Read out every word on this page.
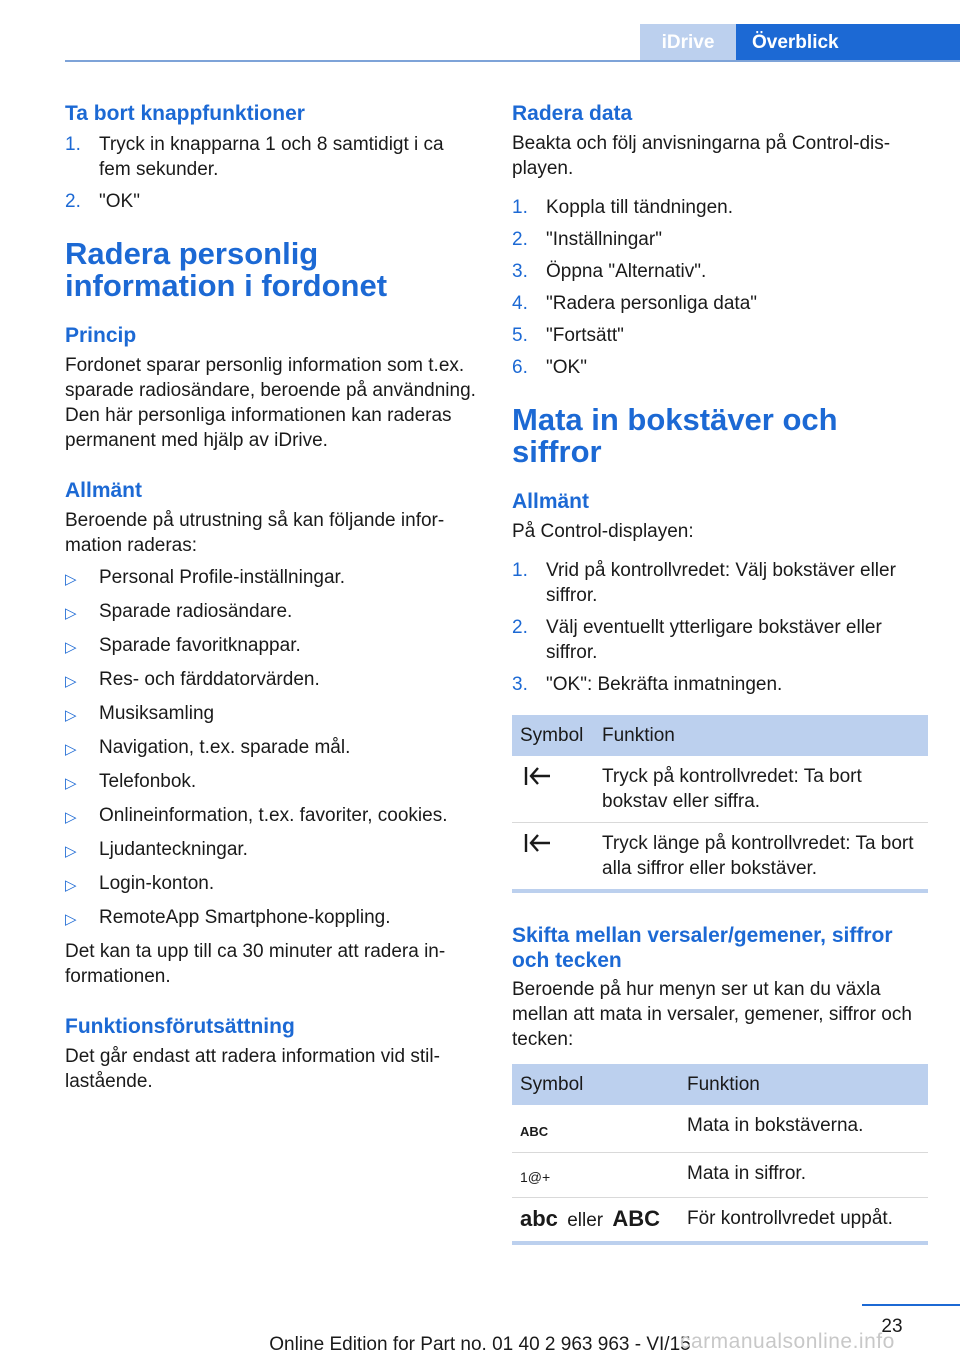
iDrive	Överblick
Ta bort knappfunktioner
1. Tryck in knapparna 1 och 8 samtidigt i ca fem sekunder.
2. "OK"
Radera personlig information i fordonet
Princip

Fordonet sparar personlig information som t.ex. sparade radiosändare, beroende på användning. Den här personliga informationen kan raderas permanent med hjälp av iDrive.

Allmänt

Beroende på utrustning så kan följande information raderas:

▷	Personal Profile-inställningar.
▷	Sparade radiosändare.
▷	Sparade favoritknappar.
▷	Res- och färddatorvärden.
▷	Musiksamling
▷	Navigation, t.ex. sparade mål.
▷	Telefonbok.
▷	Onlineinformation, t.ex. favoriter, cookies.
▷	Ljudanteckningar.
▷	Login-konton.
▷	RemoteApp Smartphone-koppling.

Det kan ta upp till ca 30 minuter att radera informationen.

Funktionsförutsättning

Det går endast att radera information vid stillastående.

Radera data

Beakta och följ anvisningarna på Control-displayen.

1. Koppla till tändningen.
2. "Inställningar"
3. Öppna "Alternativ".
4. "Radera personliga data"
5. "Fortsätt"
6. "OK"
Mata in bokstäver och siffror
Allmänt

På Control-displayen:

1. Vrid på kontrollvredet: Välj bokstäver eller siffror.
2. Välj eventuellt ytterligare bokstäver eller siffror.
3. "OK": Bekräfta inmatningen.
Symbol	Funktion

	Tryck på kontrollvredet: Ta bort bokstav eller siffra.

	Tryck länge på kontrollvredet: Ta bort alla siffror eller bokstäver.
Skifta mellan versaler/gemener, siffror och tecken

Beroende på hur menyn ser ut kan du växla mellan att mata in versaler, gemener, siffror och tecken:

Symbol	Funktion

ABC	Mata in bokstäverna.
1@+	Mata in siffror.
abc eller ABC	För kontrollvredet uppåt.
23
Online Edition for Part no. 01 40 2 963 963 - VI/15
carmanualsonline.info
